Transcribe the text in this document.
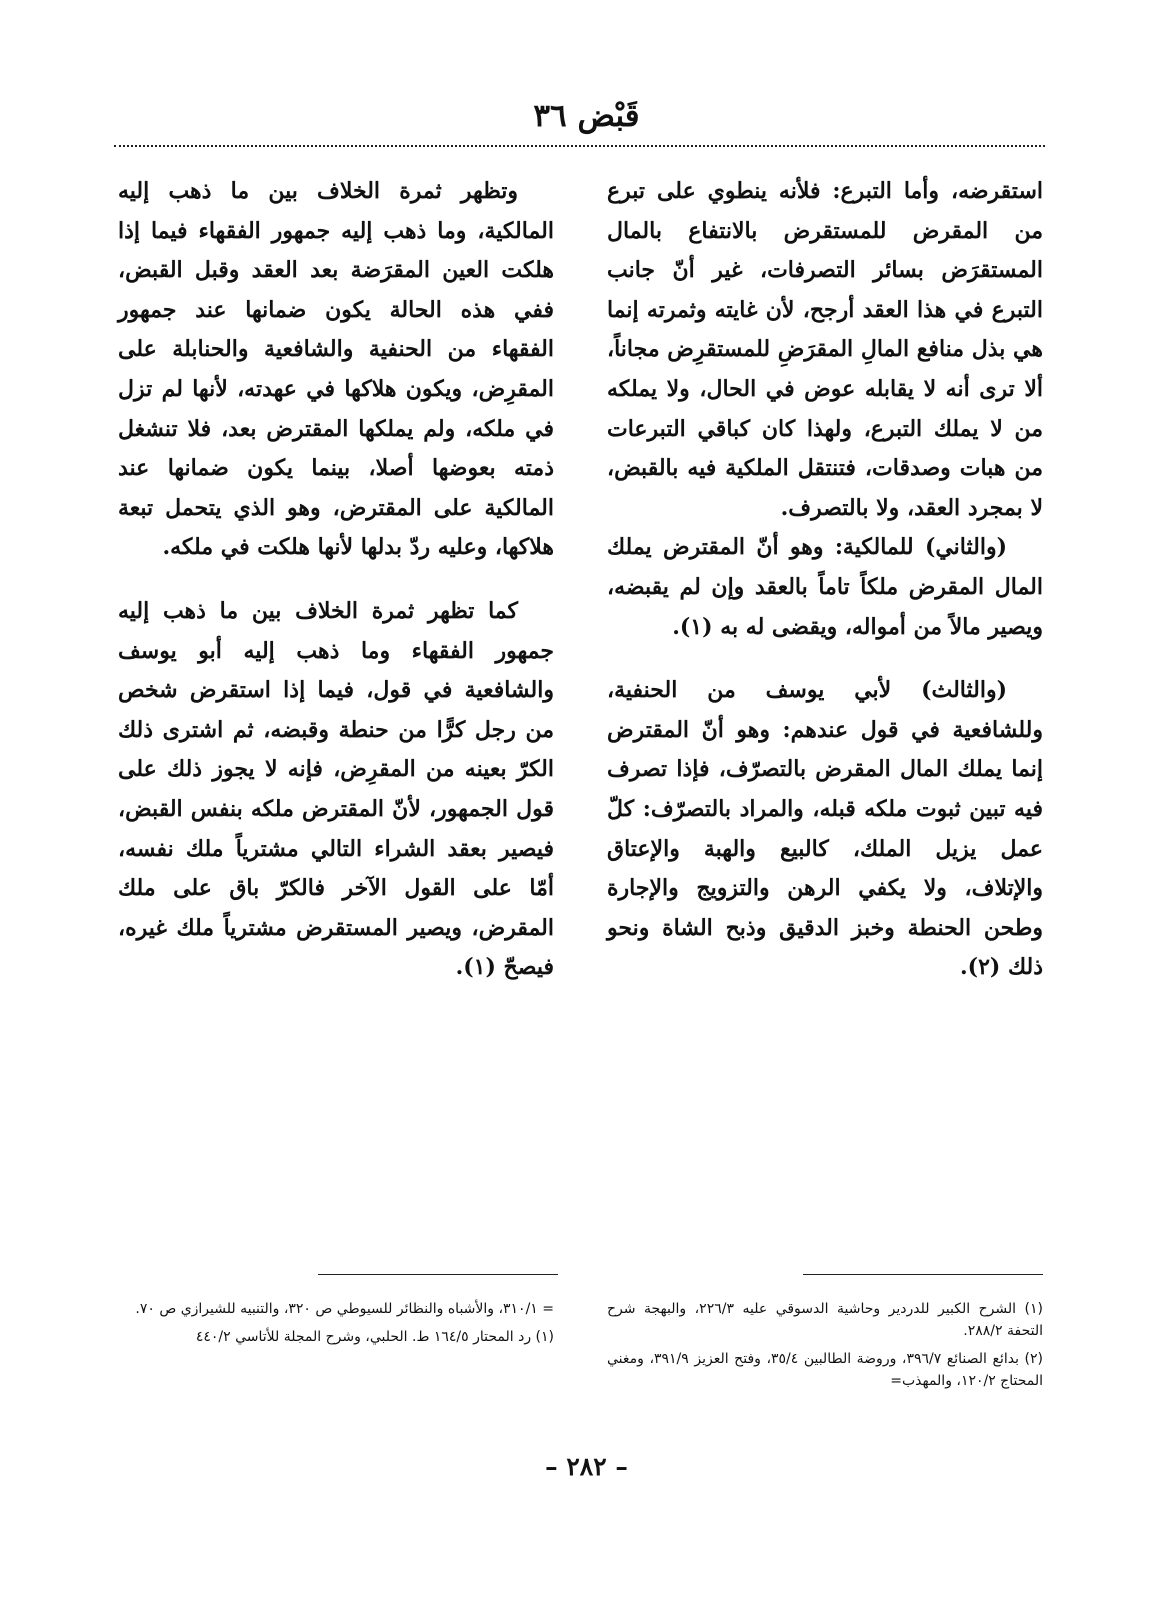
قَبْض ٣٦

استقرضه، وأما التبرع: فلأنه ينطوي على تبرع من المقرض للمستقرض بالانتفاع بالمال المستقرَض بسائر التصرفات، غير أنّ جانب التبرع في هذا العقد أرجح، لأن غايته وثمرته إنما هي بذل منافع المالِ المقرَضِ للمستقرِض مجاناً، ألا ترى أنه لا يقابله عوض في الحال، ولا يملكه من لا يملك التبرع، ولهذا كان كباقي التبرعات من هبات وصدقات، فتنتقل الملكية فيه بالقبض، لا بمجرد العقد، ولا بالتصرف.

(والثاني) للمالكية: وهو أنّ المقترض يملك المال المقرض ملكاً تاماً بالعقد وإن لم يقبضه، ويصير مالاً من أمواله، ويقضى له به (١).

(والثالث) لأبي يوسف من الحنفية، وللشافعية في قول عندهم: وهو أنّ المقترض إنما يملك المال المقرض بالتصرّف، فإذا تصرف فيه تبين ثبوت ملكه قبله، والمراد بالتصرّف: كلّ عمل يزيل الملك، كالبيع والهبة والإعتاق والإتلاف، ولا يكفي الرهن والتزويج والإجارة وطحن الحنطة وخبز الدقيق وذبح الشاة ونحو ذلك (٢).

وتظهر ثمرة الخلاف بين ما ذهب إليه المالكية، وما ذهب إليه جمهور الفقهاء فيما إذا هلكت العين المقرَضة بعد العقد وقبل القبض، ففي هذه الحالة يكون ضمانها عند جمهور الفقهاء من الحنفية والشافعية والحنابلة على المقرِض، ويكون هلاكها في عهدته، لأنها لم تزل في ملكه، ولم يملكها المقترض بعد، فلا تنشغل ذمته بعوضها أصلا، بينما يكون ضمانها عند المالكية على المقترض، وهو الذي يتحمل تبعة هلاكها، وعليه ردّ بدلها لأنها هلكت في ملكه.

كما تظهر ثمرة الخلاف بين ما ذهب إليه جمهور الفقهاء وما ذهب إليه أبو يوسف والشافعية في قول، فيما إذا استقرض شخص من رجل كرًّا من حنطة وقبضه، ثم اشترى ذلك الكرّ بعينه من المقرِض، فإنه لا يجوز ذلك على قول الجمهور، لأنّ المقترض ملكه بنفس القبض، فيصير بعقد الشراء التالي مشترياً ملك نفسه، أمّا على القول الآخر فالكرّ باق على ملك المقرض، ويصير المستقرض مشترياً ملك غيره، فيصحّ (١).

(١) الشرح الكبير للدردير وحاشية الدسوقي عليه ٢٢٦/٣، والبهجة شرح التحفة ٢٨٨/٢.

(٢) بدائع الصنائع ٣٩٦/٧، وروضة الطالبين ٣٥/٤، وفتح العزيز ٣٩١/٩، ومغني المحتاج ١٢٠/٢، والمهذب=

= ٣١٠/١، والأشباه والنظائر للسيوطي ص ٣٢٠، والتنبيه للشيرازي ص ٧٠.

(١) رد المحتار ١٦٤/٥ ط. الحلبي، وشرح المجلة للأتاسي ٤٤٠/٢

– ٢٨٢ –
